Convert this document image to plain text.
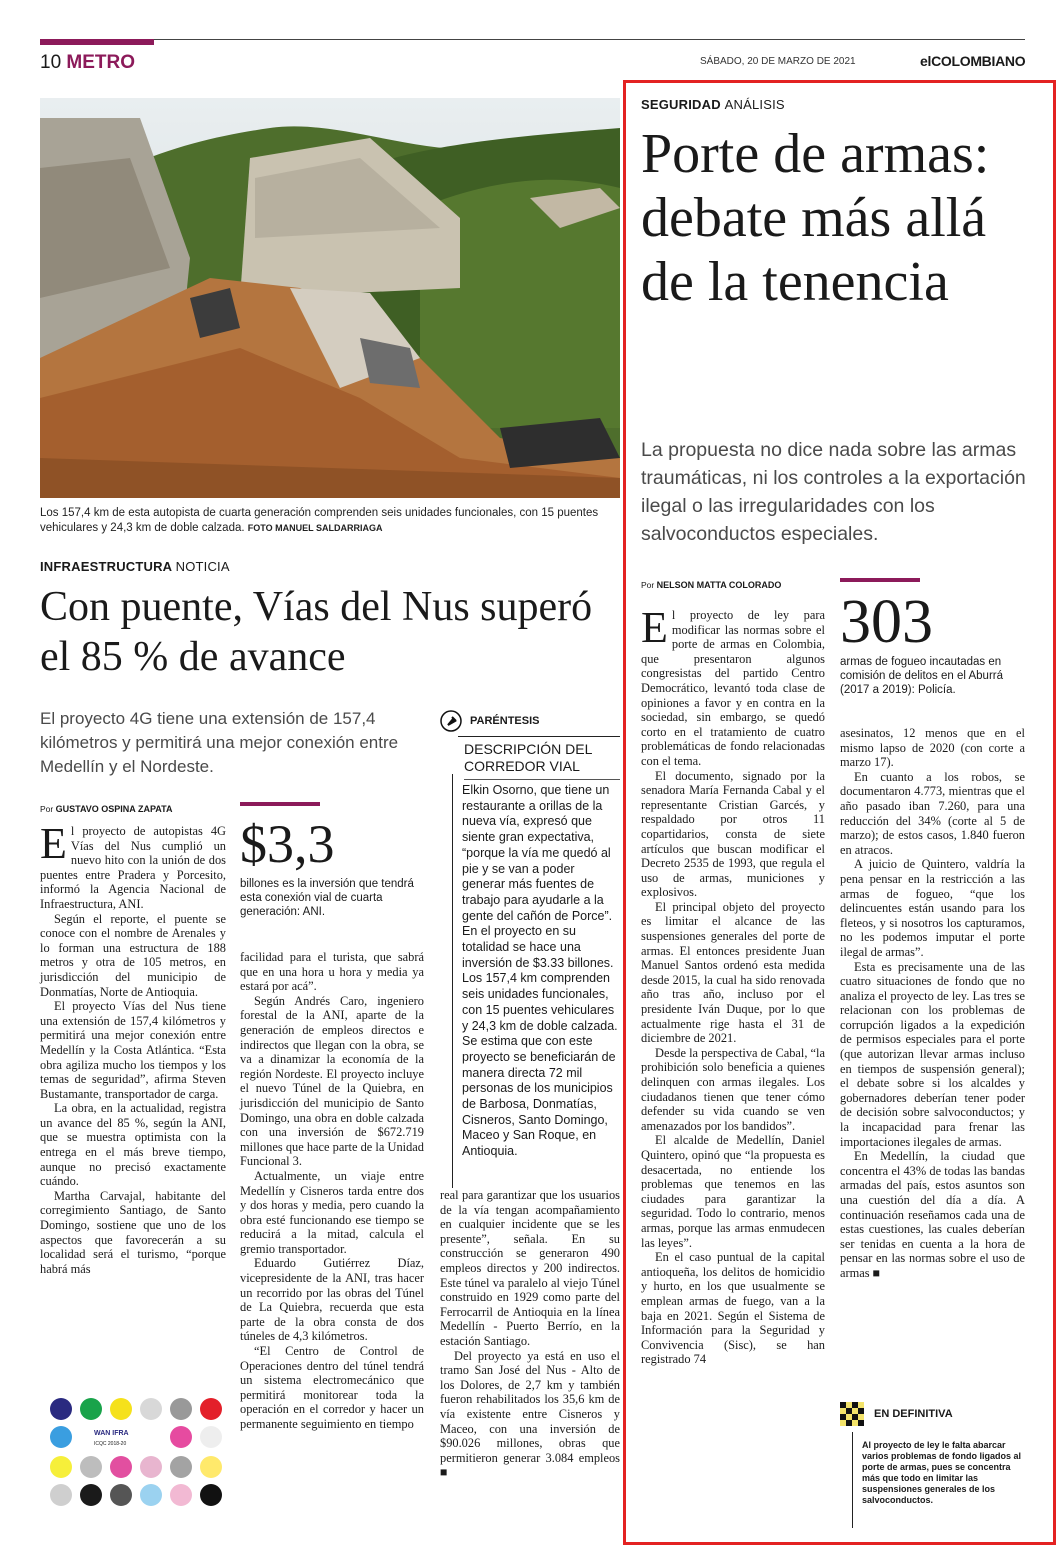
10 METRO	SÁBADO, 20 DE MARZO DE 2021	elCOLOMBIANO
Los 157,4 km de esta autopista de cuarta generación comprenden seis unidades funcionales, con 15 puentes vehiculares y 24,3 km de doble calzada. FOTO MANUEL SALDARRIAGA
INFRAESTRUCTURA NOTICIA
Con puente, Vías del Nus superó el 85 % de avance
El proyecto 4G tiene una extensión de 157,4 kilómetros y permitirá una mejor conexión entre Medellín y el Nordeste.
Por GUSTAVO OSPINA ZAPATA

El proyecto de autopistas 4G Vías del Nus cumplió un nuevo hito con la unión de dos puentes entre Pradera y Porcesito, informó la Agencia Nacional de Infraestructura, ANI.

Según el reporte, el puente se conoce con el nombre de Arenales y lo forman una estructura de 188 metros y otra de 105 metros, en jurisdicción del municipio de Donmatías, Norte de Antioquia.

El proyecto Vías del Nus tiene una extensión de 157,4 kilómetros y permitirá una mejor conexión entre Medellín y la Costa Atlántica. “Esta obra agiliza mucho los tiempos y los temas de seguridad”, afirma Steven Bustamante, transportador de carga.

La obra, en la actualidad, registra un avance del 85 %, según la ANI, que se muestra optimista con la entrega en el más breve tiempo, aunque no precisó exactamente cuándo.

Martha Carvajal, habitante del corregimiento Santiago, de Santo Domingo, sostiene que uno de los aspectos que favorecerán a su localidad será el turismo, “porque habrá más

$3,3
billones es la inversión que tendrá esta conexión vial de cuarta generación: ANI.

facilidad para el turista, que sabrá que en una hora u hora y media ya estará por acá”.

Según Andrés Caro, ingeniero forestal de la ANI, aparte de la generación de empleos directos e indirectos que llegan con la obra, se va a dinamizar la economía de la región Nordeste. El proyecto incluye el nuevo Túnel de la Quiebra, en jurisdicción del municipio de Santo Domingo, una obra en doble calzada con una inversión de $672.719 millones que hace parte de la Unidad Funcional 3.

Actualmente, un viaje entre Medellín y Cisneros tarda entre dos y dos horas y media, pero cuando la obra esté funcionando ese tiempo se reducirá a la mitad, calcula el gremio transportador.

Eduardo Gutiérrez Díaz, vicepresidente de la ANI, tras hacer un recorrido por las obras del Túnel de La Quiebra, recuerda que esta parte de la obra consta de dos túneles de 4,3 kilómetros.

“El Centro de Control de Operaciones dentro del túnel tendrá un sistema electromecánico que permitirá monitorear toda la operación en el corredor y hacer un permanente seguimiento en tiempo

PARÉNTESIS
DESCRIPCIÓN DEL CORREDOR VIAL
Elkin Osorno, que tiene un restaurante a orillas de la nueva vía, expresó que siente gran expectativa, “porque la vía me quedó al pie y se van a poder generar más fuentes de trabajo para ayudarle a la gente del cañón de Porce”. En el proyecto en su totalidad se hace una inversión de $3.33 billones. Los 157,4 km comprenden seis unidades funcionales, con 15 puentes vehiculares y 24,3 km de doble calzada. Se estima que con este proyecto se beneficiarán de manera directa 72 mil personas de los municipios de Barbosa, Donmatías, Cisneros, Santo Domingo, Maceo y San Roque, en Antioquia.

real para garantizar que los usuarios de la vía tengan acompañamiento en cualquier incidente que se les presente”, señala. En su construcción se generaron 490 empleos directos y 200 indirectos. Este túnel va paralelo al viejo Túnel construido en 1929 como parte del Ferrocarril de Antioquia en la línea Medellín - Puerto Berrío, en la estación Santiago.

Del proyecto ya está en uso el tramo San José del Nus - Alto de los Dolores, de 2,7 km y también fueron rehabilitados los 35,6 km de vía existente entre Cisneros y Maceo, con una inversión de $90.026 millones, obras que permitieron generar 3.084 empleos ■

WAN IFRA
ICQC 2018-20
SEGURIDAD ANÁLISIS
Porte de armas: debate más allá de la tenencia
La propuesta no dice nada sobre las armas traumáticas, ni los controles a la exportación ilegal o las irregularidades con los salvoconductos especiales.
Por NELSON MATTA COLORADO

El proyecto de ley para modificar las normas sobre el porte de armas en Colombia, que presentaron algunos congresistas del partido Centro Democrático, levantó toda clase de opiniones a favor y en contra en la sociedad, sin embargo, se quedó corto en el tratamiento de cuatro problemáticas de fondo relacionadas con el tema.

El documento, signado por la senadora María Fernanda Cabal y el representante Cristian Garcés, y respaldado por otros 11 copartidarios, consta de siete artículos que buscan modificar el Decreto 2535 de 1993, que regula el uso de armas, municiones y explosivos.

El principal objeto del proyecto es limitar el alcance de las suspensiones generales del porte de armas. El entonces presidente Juan Manuel Santos ordenó esta medida desde 2015, la cual ha sido renovada año tras año, incluso por el presidente Iván Duque, por lo que actualmente rige hasta el 31 de diciembre de 2021.

Desde la perspectiva de Cabal, “la prohibición solo beneficia a quienes delinquen con armas ilegales. Los ciudadanos tienen que tener cómo defender su vida cuando se ven amenazados por los bandidos”.

El alcalde de Medellín, Daniel Quintero, opinó que “la propuesta es desacertada, no entiende los problemas que tenemos en las ciudades para garantizar la seguridad. Todo lo contrario, menos armas, porque las armas enmudecen las leyes”.

En el caso puntual de la capital antioqueña, los delitos de homicidio y hurto, en los que usualmente se emplean armas de fuego, van a la baja en 2021. Según el Sistema de Información para la Seguridad y Convivencia (Sisc), se han registrado 74

303
armas de fogueo incautadas en comisión de delitos en el Aburrá (2017 a 2019): Policía.

asesinatos, 12 menos que en el mismo lapso de 2020 (con corte a marzo 17).

En cuanto a los robos, se documentaron 4.773, mientras que el año pasado iban 7.260, para una reducción del 34% (corte al 5 de marzo); de estos casos, 1.840 fueron en atracos.

A juicio de Quintero, valdría la pena pensar en la restricción a las armas de fogueo, “que los delincuentes están usando para los fleteos, y si nosotros los capturamos, no les podemos imputar el porte ilegal de armas”.

Esta es precisamente una de las cuatro situaciones de fondo que no analiza el proyecto de ley. Las tres se relacionan con los problemas de corrupción ligados a la expedición de permisos especiales para el porte (que autorizan llevar armas incluso en tiempos de suspensión general); el debate sobre si los alcaldes y gobernadores deberían tener poder de decisión sobre salvoconductos; y la incapacidad para frenar las importaciones ilegales de armas.

En Medellín, la ciudad que concentra el 43% de todas las bandas armadas del país, estos asuntos son una cuestión del día a día. A continuación reseñamos cada una de estas cuestiones, las cuales deberían ser tenidas en cuenta a la hora de pensar en las normas sobre el uso de armas ■

EN DEFINITIVA
Al proyecto de ley le falta abarcar varios problemas de fondo ligados al porte de armas, pues se concentra más que todo en limitar las suspensiones generales de los salvoconductos.
